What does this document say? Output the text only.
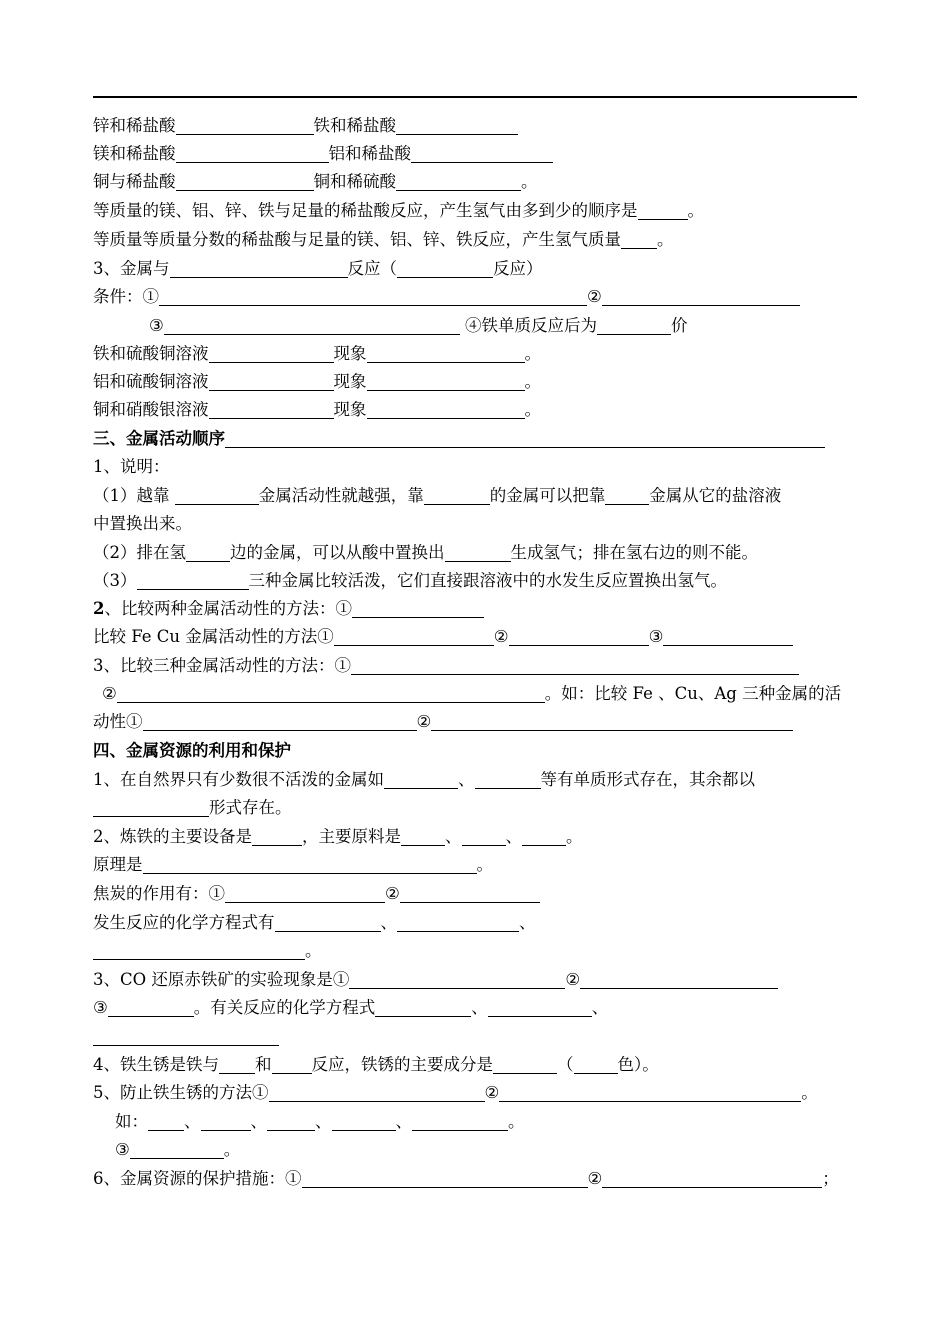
锌和稀盐酸	铁和稀盐酸
镁和稀盐酸	铝和稀盐酸
铜与稀盐酸	铜和稀硫酸	。
等质量的镁、铝、锌、铁与足量的稀盐酸反应，产生氢气由多到少的顺序是	。
等质量等质量分数的稀盐酸与足量的镁、铝、锌、铁反应，产生氢气质量 。
3、金属与	反应（	反应）
条件：①	②
③	④铁单质反应后为	价
铁和硫酸铜溶液	现象	。
铝和硫酸铜溶液	现象	。
铜和硝酸银溶液	现象	。
三、金属活动顺序
1、说明：
（1）越靠	金属活动性就越强，靠	的金属可以把靠	金属从它的盐溶液
中置换出来。
（2）排在氢	边的金属，可以从酸中置换出	生成氢气；排在氢右边的则不能。
（3）	三种金属比较活泼，它们直接跟溶液中的水发生反应置换出氢气。
2、比较两种金属活动性的方法：①
比较 Fe Cu 金属活动性的方法①	②	③
3、比较三种金属活动性的方法：①
②	。如：比较 Fe 、Cu、Ag 三种金属的活
动性①	②
四、金属资源的利用和保护
1、在自然界只有少数很不活泼的金属如	、	等有单质形式存在，其余都以
形式存在。
2、炼铁的主要设备是	，主要原料是	、	、	。
原理是	。
焦炭的作用有：①	②
发生反应的化学方程式有	、	、
。
3、CO 还原赤铁矿的实验现象是①	②
③	。有关反应的化学方程式	、	、
4、铁生锈是铁与 和 反应，铁锈的主要成分是	（	色）。
5、防止铁生锈的方法①	②	。
如： 、	、	、	、	。
③	。
6、金属资源的保护措施：①	②	；
